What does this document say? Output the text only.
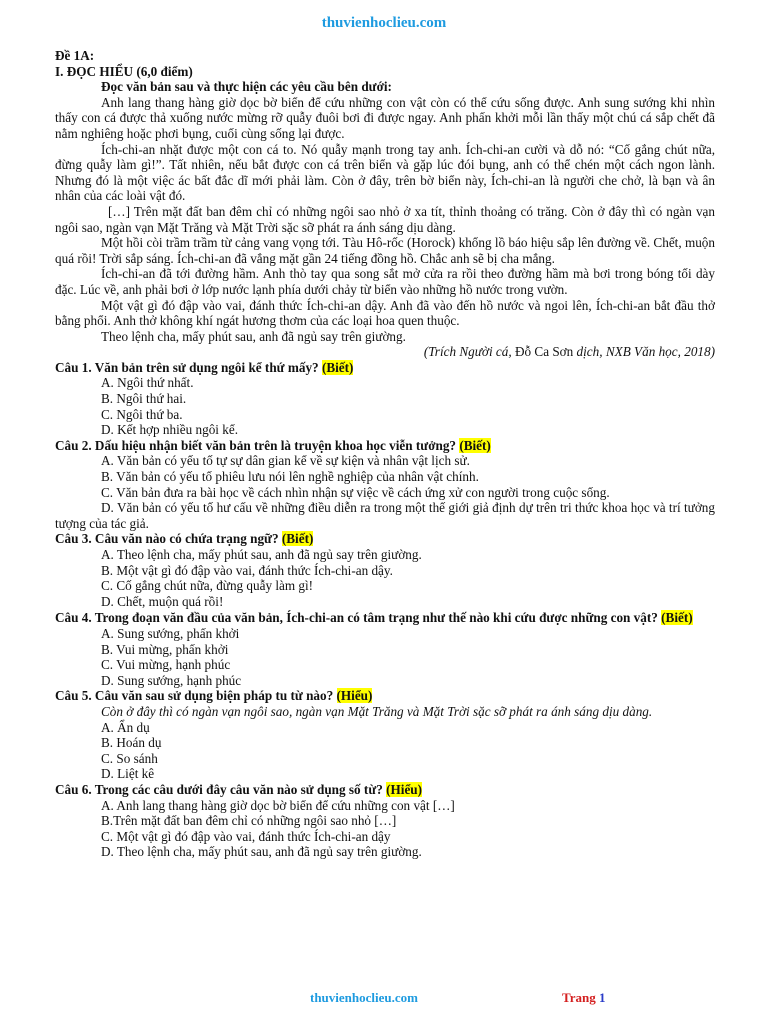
thuvienhoclieu.com
Đề 1A:
I. ĐỌC HIỂU (6,0 điểm)

Đọc văn bản sau và thực hiện các yêu cầu bên dưới:

Anh lang thang hàng giờ dọc bờ biển để cứu những con vật còn có thể cứu sống được. Anh sung sướng khi nhìn thấy con cá được thả xuống nước mừng rỡ quẫy đuôi bơi đi được ngay. Anh phấn khởi mỗi lần thấy một chú cá sắp chết đã nằm nghiêng hoặc phơi bụng, cuối cùng sống lại được.

Ích-chi-an nhặt được một con cá to. Nó quẫy mạnh trong tay anh. Ích-chi-an cười và dỗ nó: “Cố gắng chút nữa, đừng quẫy làm gì!”. Tất nhiên, nếu bắt được con cá trên biển và gặp lúc đói bụng, anh có thể chén một cách ngon lành. Nhưng đó là một việc ác bất đắc dĩ mới phải làm. Còn ở đây, trên bờ biển này, Ích-chi-an là người che chở, là bạn và ân nhân của các loài vật đó.

[…] Trên mặt đất ban đêm chỉ có những ngôi sao nhỏ ở xa tít, thỉnh thoảng có trăng. Còn ở đây thì có ngàn vạn ngôi sao, ngàn vạn Mặt Trăng và Mặt Trời sặc sỡ phát ra ánh sáng dịu dàng.

Một hồi còi trầm trầm từ cảng vang vọng tới. Tàu Hô-rốc (Horock) khổng lồ báo hiệu sắp lên đường về. Chết, muộn quá rồi! Trời sắp sáng. Ích-chi-an đã vắng mặt gần 24 tiếng đồng hồ. Chắc anh sẽ bị cha mắng.

Ích-chi-an đã tới đường hầm. Anh thò tay qua song sắt mở cửa ra rồi theo đường hầm mà bơi trong bóng tối dày đặc. Lúc về, anh phải bơi ở lớp nước lạnh phía dưới chảy từ biển vào những hồ nước trong vườn.

Một vật gì đó đập vào vai, đánh thức Ích-chi-an dậy. Anh đã vào đến hồ nước và ngoi lên, Ích-chi-an bắt đầu thở bằng phổi. Anh thở không khí ngát hương thơm của các loại hoa quen thuộc.

Theo lệnh cha, mấy phút sau, anh đã ngủ say trên giường.

(Trích Người cá, Đỗ Ca Sơn dịch, NXB Văn học, 2018)

Câu 1. Văn bản trên sử dụng ngôi kể thứ mấy? (Biết)

A. Ngôi thứ nhất.

B. Ngôi thứ hai.

C. Ngôi thứ ba.

D. Kết hợp nhiều ngôi kể.

Câu 2. Dấu hiệu nhận biết văn bản trên là truyện khoa học viễn tưởng? (Biết)

A. Văn bản có yếu tố tự sự dân gian kể về sự kiện và nhân vật lịch sử.

B. Văn bản có yếu tố phiêu lưu nói lên nghề nghiệp của nhân vật chính.

C. Văn bản đưa ra bài học về cách nhìn nhận sự việc về cách ứng xử con người trong cuộc sống.

D. Văn bản có yếu tố hư cấu về những điều diễn ra trong một thế giới giả định dự trên tri thức khoa học và trí tưởng tượng của tác giả.

Câu 3. Câu văn nào có chứa trạng ngữ? (Biết)

A. Theo lệnh cha, mấy phút sau, anh đã ngủ say trên giường.

B. Một vật gì đó đập vào vai, đánh thức Ích-chi-an dậy.

C. Cố gắng chút nữa, đừng quẫy làm gì!

D. Chết, muộn quá rồi!

Câu 4. Trong đoạn văn đầu của văn bản, Ích-chi-an có tâm trạng như thế nào khi cứu được những con vật? (Biết)

A. Sung sướng, phấn khởi

B. Vui mừng, phấn khởi

C. Vui mừng, hạnh phúc

D. Sung sướng, hạnh phúc

Câu 5. Câu văn sau sử dụng biện pháp tu từ nào? (Hiểu)

Còn ở đây thì có ngàn vạn ngôi sao, ngàn vạn Mặt Trăng và Mặt Trời sặc sỡ phát ra ánh sáng dịu dàng.

A. Ẩn dụ

B. Hoán dụ

C. So sánh

D. Liệt kê

Câu 6. Trong các câu dưới đây câu văn nào sử dụng số từ? (Hiểu)

A. Anh lang thang hàng giờ dọc bờ biển để cứu những con vật […]

B.Trên mặt đất ban đêm chỉ có những ngôi sao nhỏ […]

C. Một vật gì đó đập vào vai, đánh thức Ích-chi-an dậy

D. Theo lệnh cha, mấy phút sau, anh đã ngủ say trên giường.

thuvienhoclieu.com	Trang 1
